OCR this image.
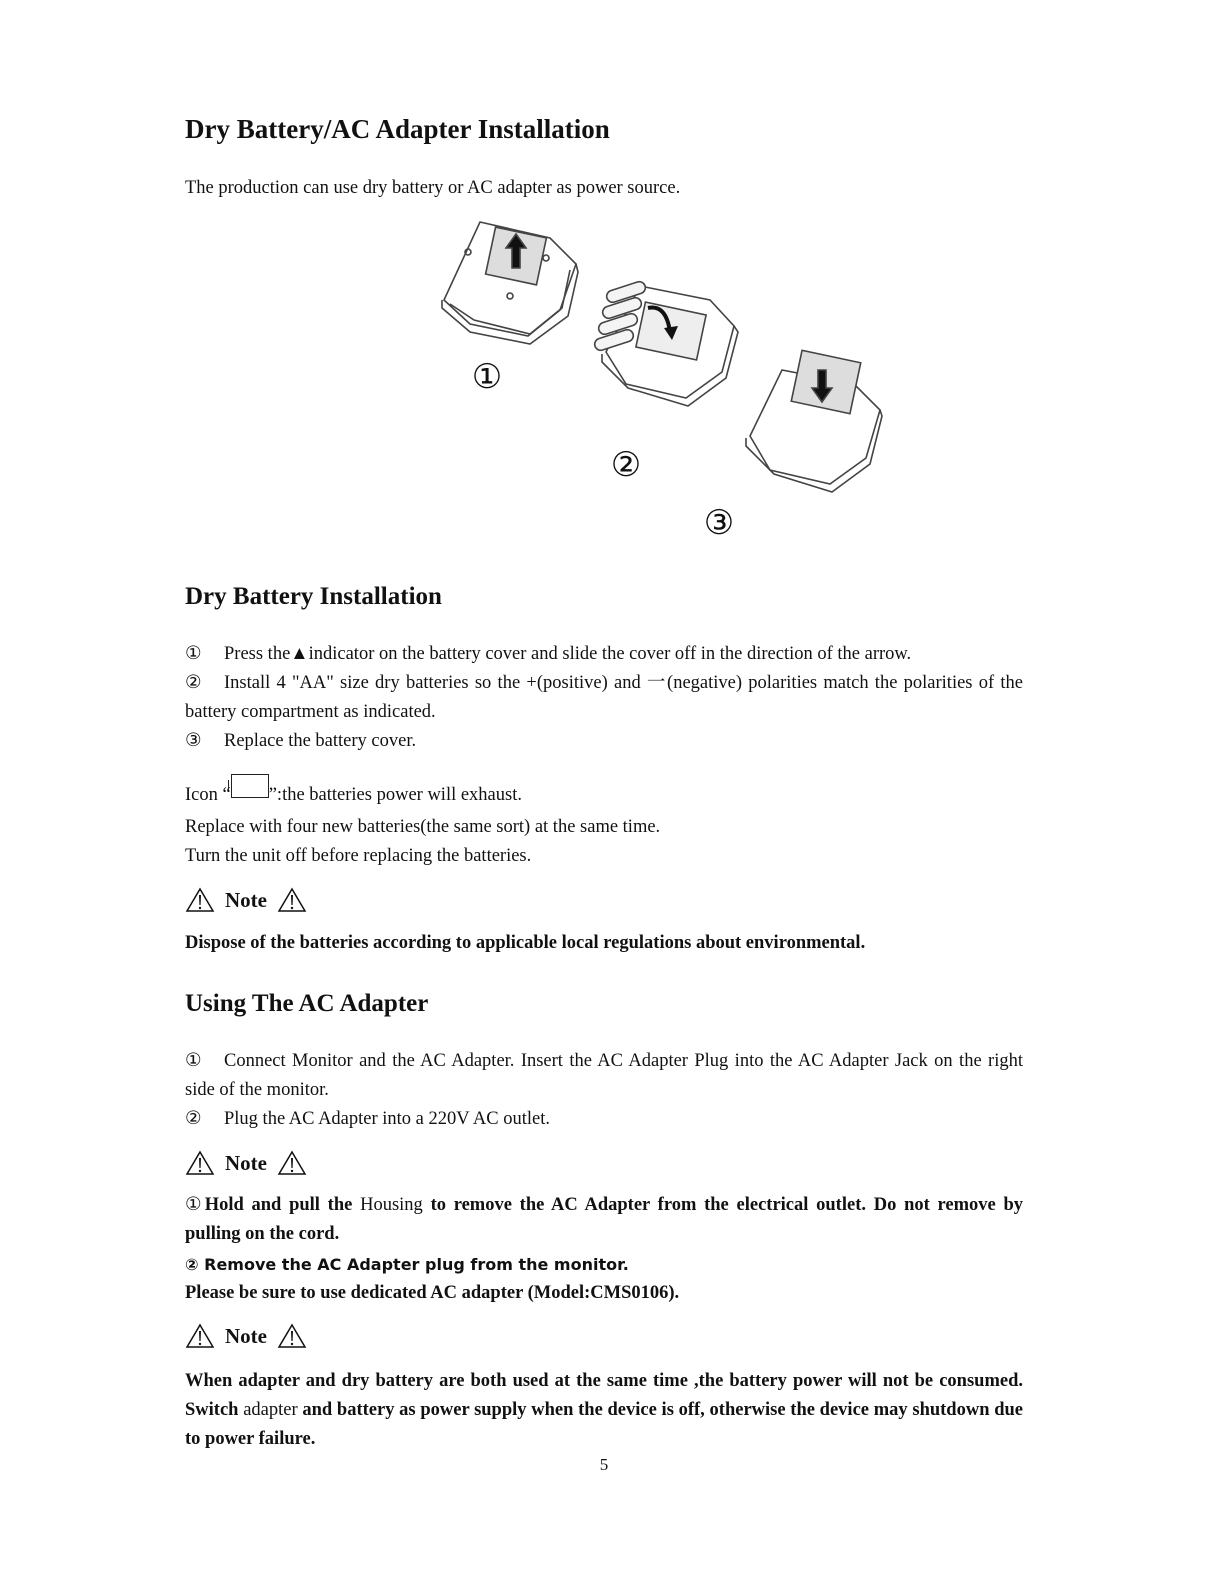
Dry Battery/AC Adapter Installation
The production can use dry battery or AC adapter as power source.
①
②
③
Dry Battery Installation
① Press the▲indicator on the battery cover and slide the cover off in the direction of the arrow.
② Install 4 "AA" size dry batteries so the +(positive) and 一(negative) polarities match the polarities of the battery compartment as indicated.
③ Replace the battery cover.
Icon “ ”:the batteries power will exhaust.
Replace with four new batteries(the same sort) at the same time.
Turn the unit off before replacing the batteries.
Note
Dispose of the batteries according to applicable local regulations about environmental.
Using The AC Adapter
① Connect Monitor and the AC Adapter. Insert the AC Adapter Plug into the AC Adapter Jack on the right side of the monitor.
② Plug the AC Adapter into a 220V AC outlet.
Note
①Hold and pull the Housing to remove the AC Adapter from the electrical outlet. Do not remove by pulling on the cord.
② Remove the AC Adapter plug from the monitor.
Please be sure to use dedicated AC adapter (Model:CMS0106).
Note
When adapter and dry battery are both used at the same time ,the battery power will not be consumed. Switch adapter and battery as power supply when the device is off, otherwise the device may shutdown due to power failure.
5
